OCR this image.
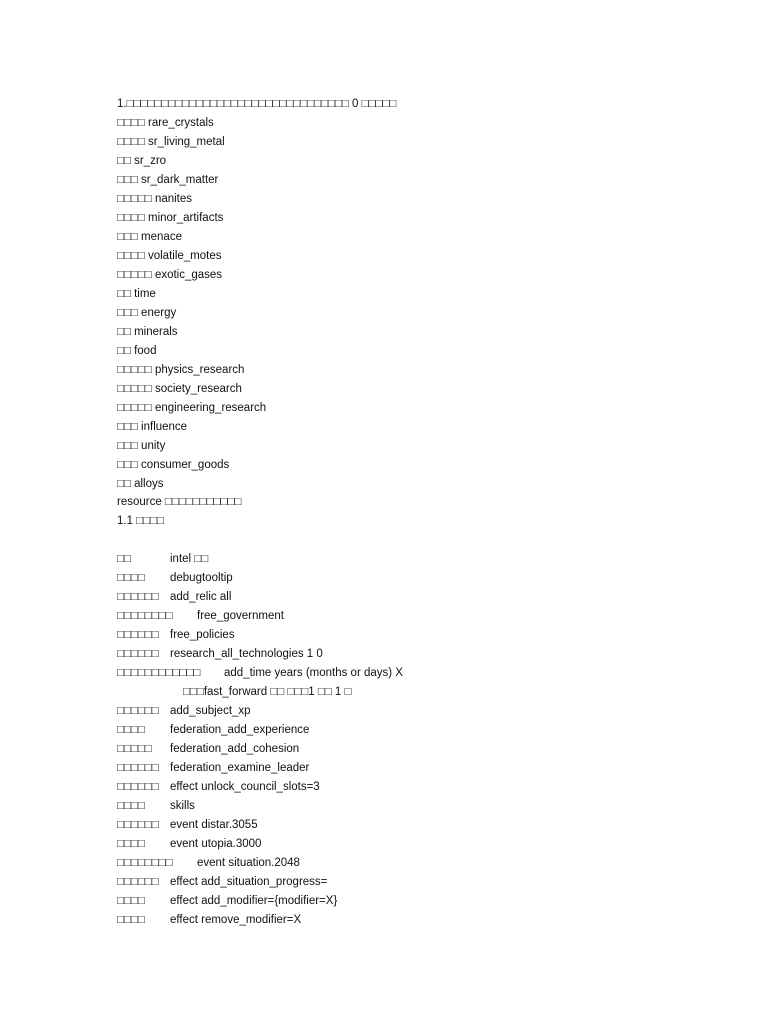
1.□□□□□□□□□□□□□□□□□□□□□□□□□□□□□□□□ 0 □□□□□
□□□□ rare_crystals
□□□□ sr_living_metal
□□ sr_zro
□□□ sr_dark_matter
□□□□□ nanites
□□□□ minor_artifacts
□□□ menace
□□□□ volatile_motes
□□□□□ exotic_gases
□□ time
□□□ energy
□□ minerals
□□ food
□□□□□ physics_research
□□□□□ society_research
□□□□□ engineering_research
□□□ influence
□□□ unity
□□□ consumer_goods
□□ alloys
resource □□□□□□□□□□□
1.1 □□□□
□□	intel □□
□□□□ debugtooltip
□□□□□□ add_relic all
□□□□□□□□ free_government
□□□□□□ free_policies
□□□□□□ research_all_technologies 1 0
□□□□□□□□□□□□ add_time years (months or days) X
□□□fast_forward □□ □□□1 □□ 1 □
□□□□□□ add_subject_xp
□□□□ federation_add_experience
□□□□□ federation_add_cohesion
□□□□□□ federation_examine_leader
□□□□□□ effect unlock_council_slots=3
□□□□ skills
□□□□□□ event distar.3055
□□□□ event utopia.3000
□□□□□□□□ event situation.2048
□□□□□□ effect add_situation_progress=
□□□□ effect add_modifier={modifier=X}
□□□□ effect remove_modifier=X
